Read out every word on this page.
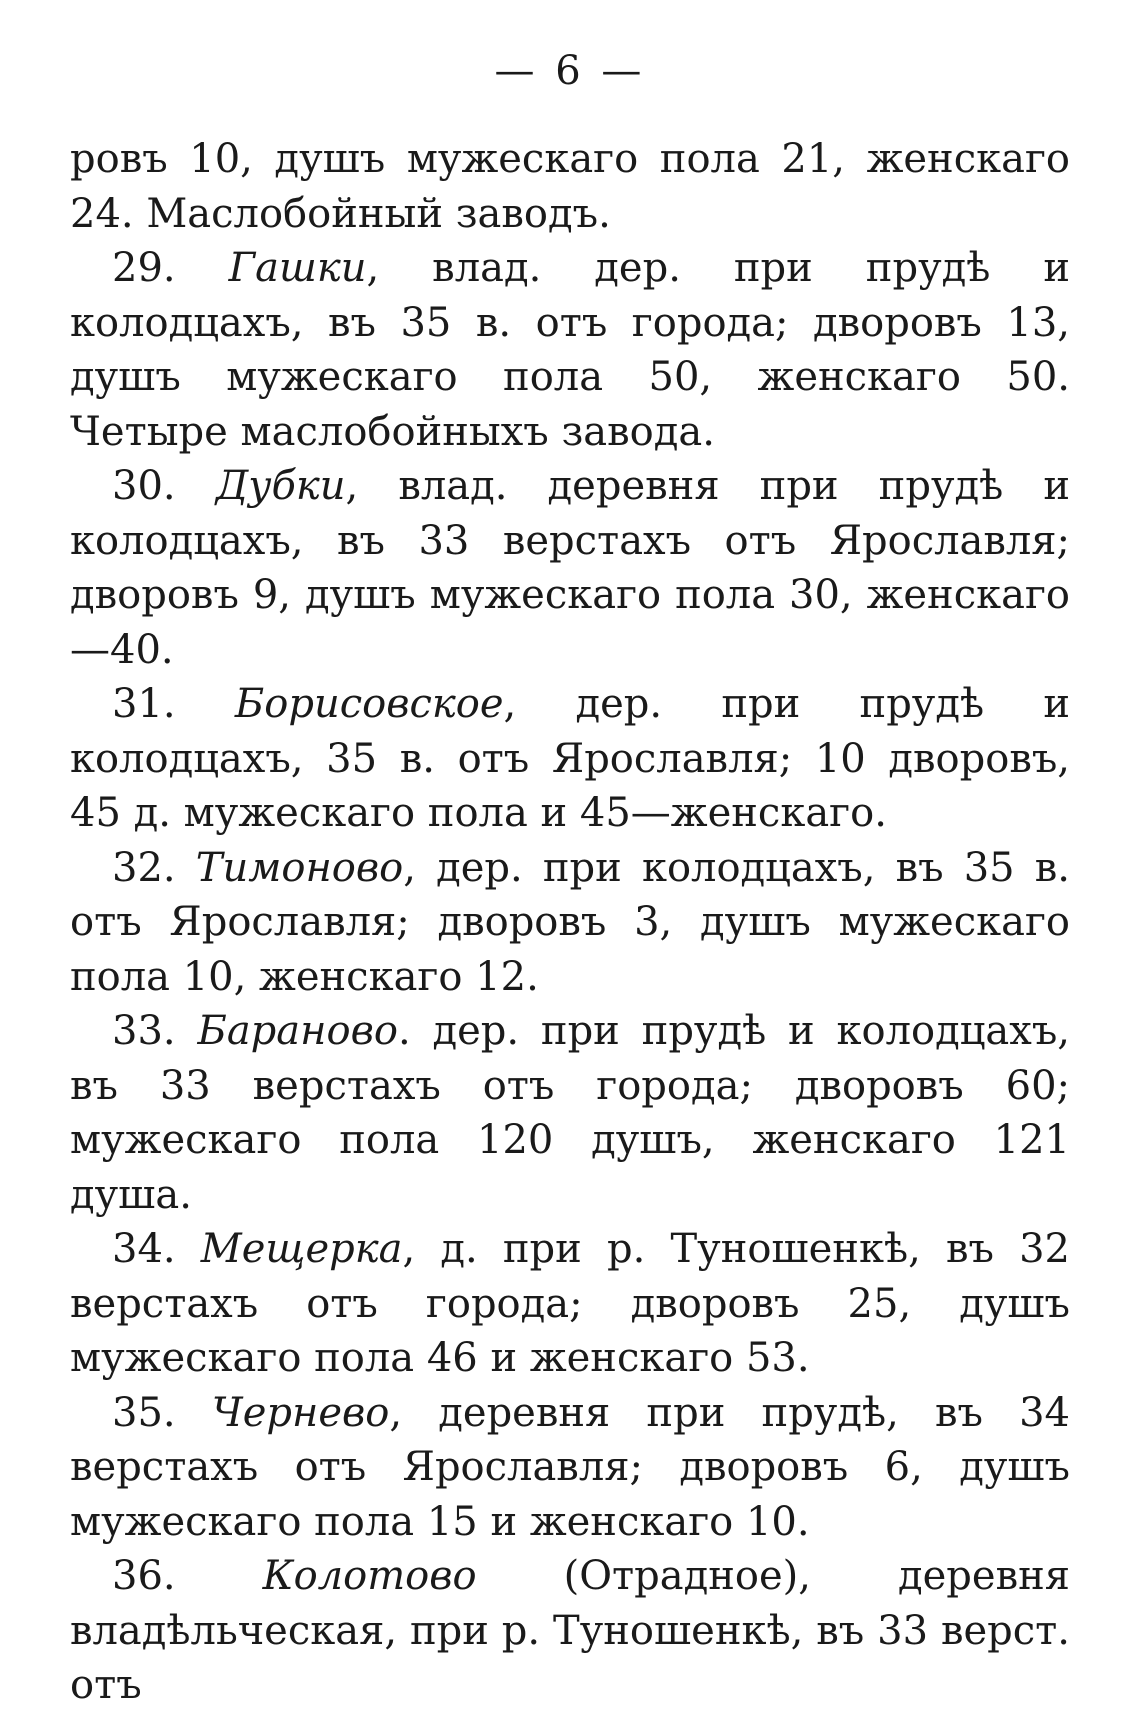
— 6 —

ровъ 10, душъ мужескаго пола 21, женскаго 24. Маслобойный заводъ.

29. Гашки, влад. дер. при прудѣ и колодцахъ, въ 35 в. отъ города; дворовъ 13, душъ мужескаго пола 50, женскаго 50. Четыре маслобойныхъ завода.

30. Дубки, влад. деревня при прудѣ и колодцахъ, въ 33 верстахъ отъ Ярославля; дворовъ 9, душъ мужескаго пола 30, женскаго—40.

31. Борисовское, дер. при прудѣ и колодцахъ, 35 в. отъ Ярославля; 10 дворовъ, 45 д. мужескаго пола и 45—женскаго.

32. Тимоново, дер. при колодцахъ, въ 35 в. отъ Ярославля; дворовъ 3, душъ мужескаго пола 10, женскаго 12.

33. Бараново. дер. при прудѣ и колодцахъ, въ 33 верстахъ отъ города; дворовъ 60; мужескаго пола 120 душъ, женскаго 121 душа.

34. Мещерка, д. при р. Туношенкѣ, въ 32 верстахъ отъ города; дворовъ 25, душъ мужескаго пола 46 и женскаго 53.

35. Чернево, деревня при прудѣ, въ 34 верстахъ отъ Ярославля; дворовъ 6, душъ мужескаго пола 15 и женскаго 10.

36. Колотово (Отрадное), деревня владѣльческая, при р. Туношенкѣ, въ 33 верст. отъ
